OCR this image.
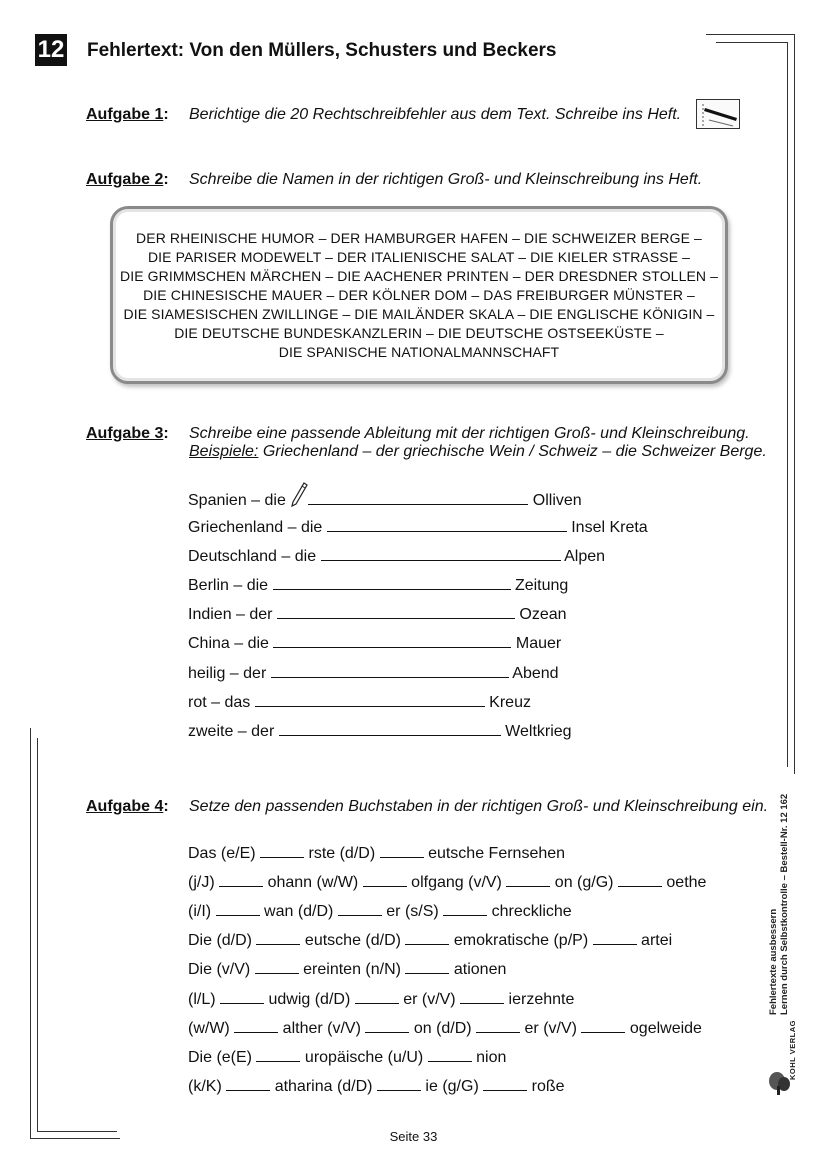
12 Fehlertext: Von den Müllers, Schusters und Beckers
Aufgabe 1: Berichtige die 20 Rechtschreibfehler aus dem Text. Schreibe ins Heft.
Aufgabe 2: Schreibe die Namen in der richtigen Groß- und Kleinschreibung ins Heft.
DER RHEINISCHE HUMOR – DER HAMBURGER HAFEN – DIE SCHWEIZER BERGE –
DIE PARISER MODEWELT – DER ITALIENISCHE SALAT – DIE KIELER STRASSE –
DIE GRIMMSCHEN MÄRCHEN – DIE AACHENER PRINTEN – DER DRESDNER STOLLEN –
DIE CHINESISCHE MAUER – DER KÖLNER DOM – DAS FREIBURGER MÜNSTER –
DIE SIAMESISCHEN ZWILLINGE – DIE MAILÄNDER SKALA – DIE ENGLISCHE KÖNIGIN –
DIE DEUTSCHE BUNDESKANZLERIN – DIE DEUTSCHE OSTSEEKÜSTE –
DIE SPANISCHE NATIONALMANNSCHAFT
Aufgabe 3: Schreibe eine passende Ableitung mit der richtigen Groß- und Kleinschreibung.
Beispiele: Griechenland – der griechische Wein / Schweiz – die Schweizer Berge.
Spanien – die	Olliven
Griechenland – die	Insel Kreta
Deutschland – die	Alpen
Berlin – die	Zeitung
Indien – der	Ozean
China – die	Mauer
heilig – der	Abend
rot – das	Kreuz
zweite – der	Weltkrieg
Aufgabe 4: Setze den passenden Buchstaben in der richtigen Groß- und Kleinschreibung ein.
Das (e/E)	rste (d/D)	eutsche Fernsehen
(j/J)	ohann (w/W)	olfgang (v/V)	on (g/G)	oethe
(i/I)	wan (d/D)	er (s/S)	chreckliche
Die (d/D)	eutsche (d/D)	emokratische (p/P)	artei
Die (v/V)	ereinten (n/N)	ationen
(l/L)	udwig (d/D)	er (v/V)	ierzehnte
(w/W)	alther (v/V)	on (d/D)	er (v/V)	ogelweide
Die (e(E)	uropäische (u/U)	nion
(k/K)	atharina (d/D)	ie (g/G)	roße
Fehlertexte ausbessern Lernen durch Selbstkontrolle – Bestell-Nr. 12 162
KOHL VERLAG
Seite 33
